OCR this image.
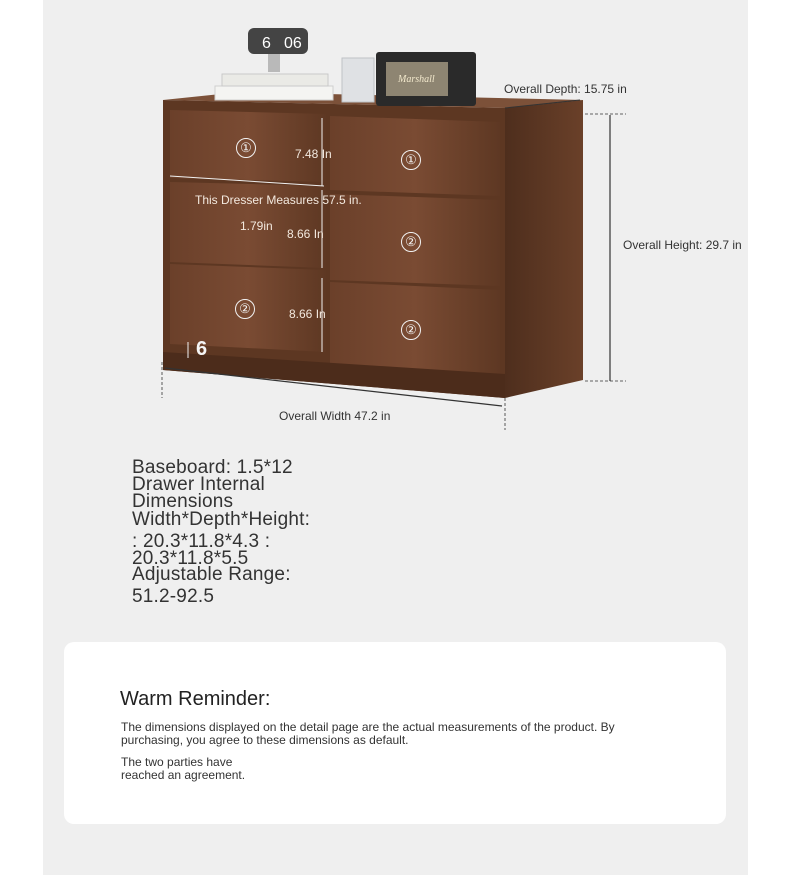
6 06
Marshall
Overall Depth: 15.75 in
Overall Height: 29.7 in
Overall Width 47.2 in
7.48 In
8.66 In
8.66 In
This Dresser Measures 57.5 in.
1.79in
①
①
②
②
②
6
Baseboard: 1.5*12
Drawer Internal
Dimensions
Width*Depth*Height:
: 20.3*11.8*4.3 :
20.3*11.8*5.5
Adjustable Range:
51.2-92.5
Warm Reminder:
The dimensions displayed on the detail page are the actual measurements of the product. By purchasing, you agree to these dimensions as default.
The two parties have reached an agreement.
